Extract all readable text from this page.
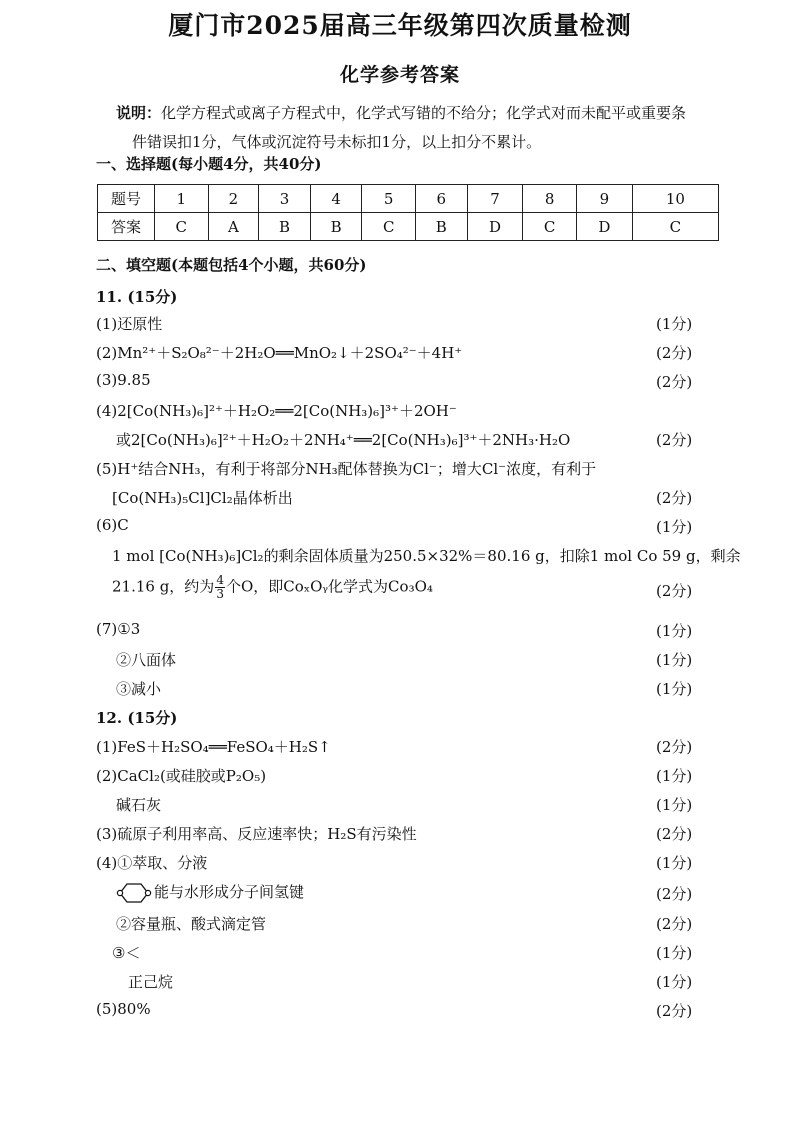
厦门市2025届高三年级第四次质量检测
化学参考答案
说明：化学方程式或离子方程式中，化学式写错的不给分；化学式对而未配平或重要条
件错误扣1分，气体或沉淀符号未标扣1分，以上扣分不累计。
一、选择题(每小题4分，共40分)
题号	1	2	3	4	5	6	7	8	9	10
答案	C	A	B	B	C	B	D	C	D	C
二、填空题(本题包括4个小题，共60分)
11. (15分)
(1)还原性	(1分)
(2)Mn²⁺＋S₂O₈²⁻＋2H₂O══MnO₂↓＋2SO₄²⁻＋4H⁺	(2分)
(3)9.85	(2分)
(4)2[Co(NH₃)₆]²⁺＋H₂O₂══2[Co(NH₃)₆]³⁺＋2OH⁻
或2[Co(NH₃)₆]²⁺＋H₂O₂＋2NH₄⁺══2[Co(NH₃)₆]³⁺＋2NH₃·H₂O	(2分)
(5)H⁺结合NH₃，有利于将部分NH₃配体替换为Cl⁻；增大Cl⁻浓度，有利于
[Co(NH₃)₅Cl]Cl₂晶体析出	(2分)
(6)C	(1分)
1 mol [Co(NH₃)₆]Cl₂的剩余固体质量为250.5×32%＝80.16 g，扣除1 mol Co 59 g，剩余
21.16 g，约为 $\frac{4}{3}$ 个O，即CoₓOᵧ化学式为Co₃O₄	(2分)
(7)①3	(1分)
②八面体	(1分)
③减小	(1分)
12. (15分)
(1)FeS＋H₂SO₄══FeSO₄＋H₂S↑	(2分)
(2)CaCl₂(或硅胶或P₂O₅)	(1分)
碱石灰	(1分)
(3)硫原子利用率高、反应速率快；H₂S有污染性	(2分)
(4)①萃取、分液	(1分)
能与水形成分子间氢键	(2分)
②容量瓶、酸式滴定管	(2分)
③＜	(1分)
正己烷	(1分)
(5)80%	(2分)
